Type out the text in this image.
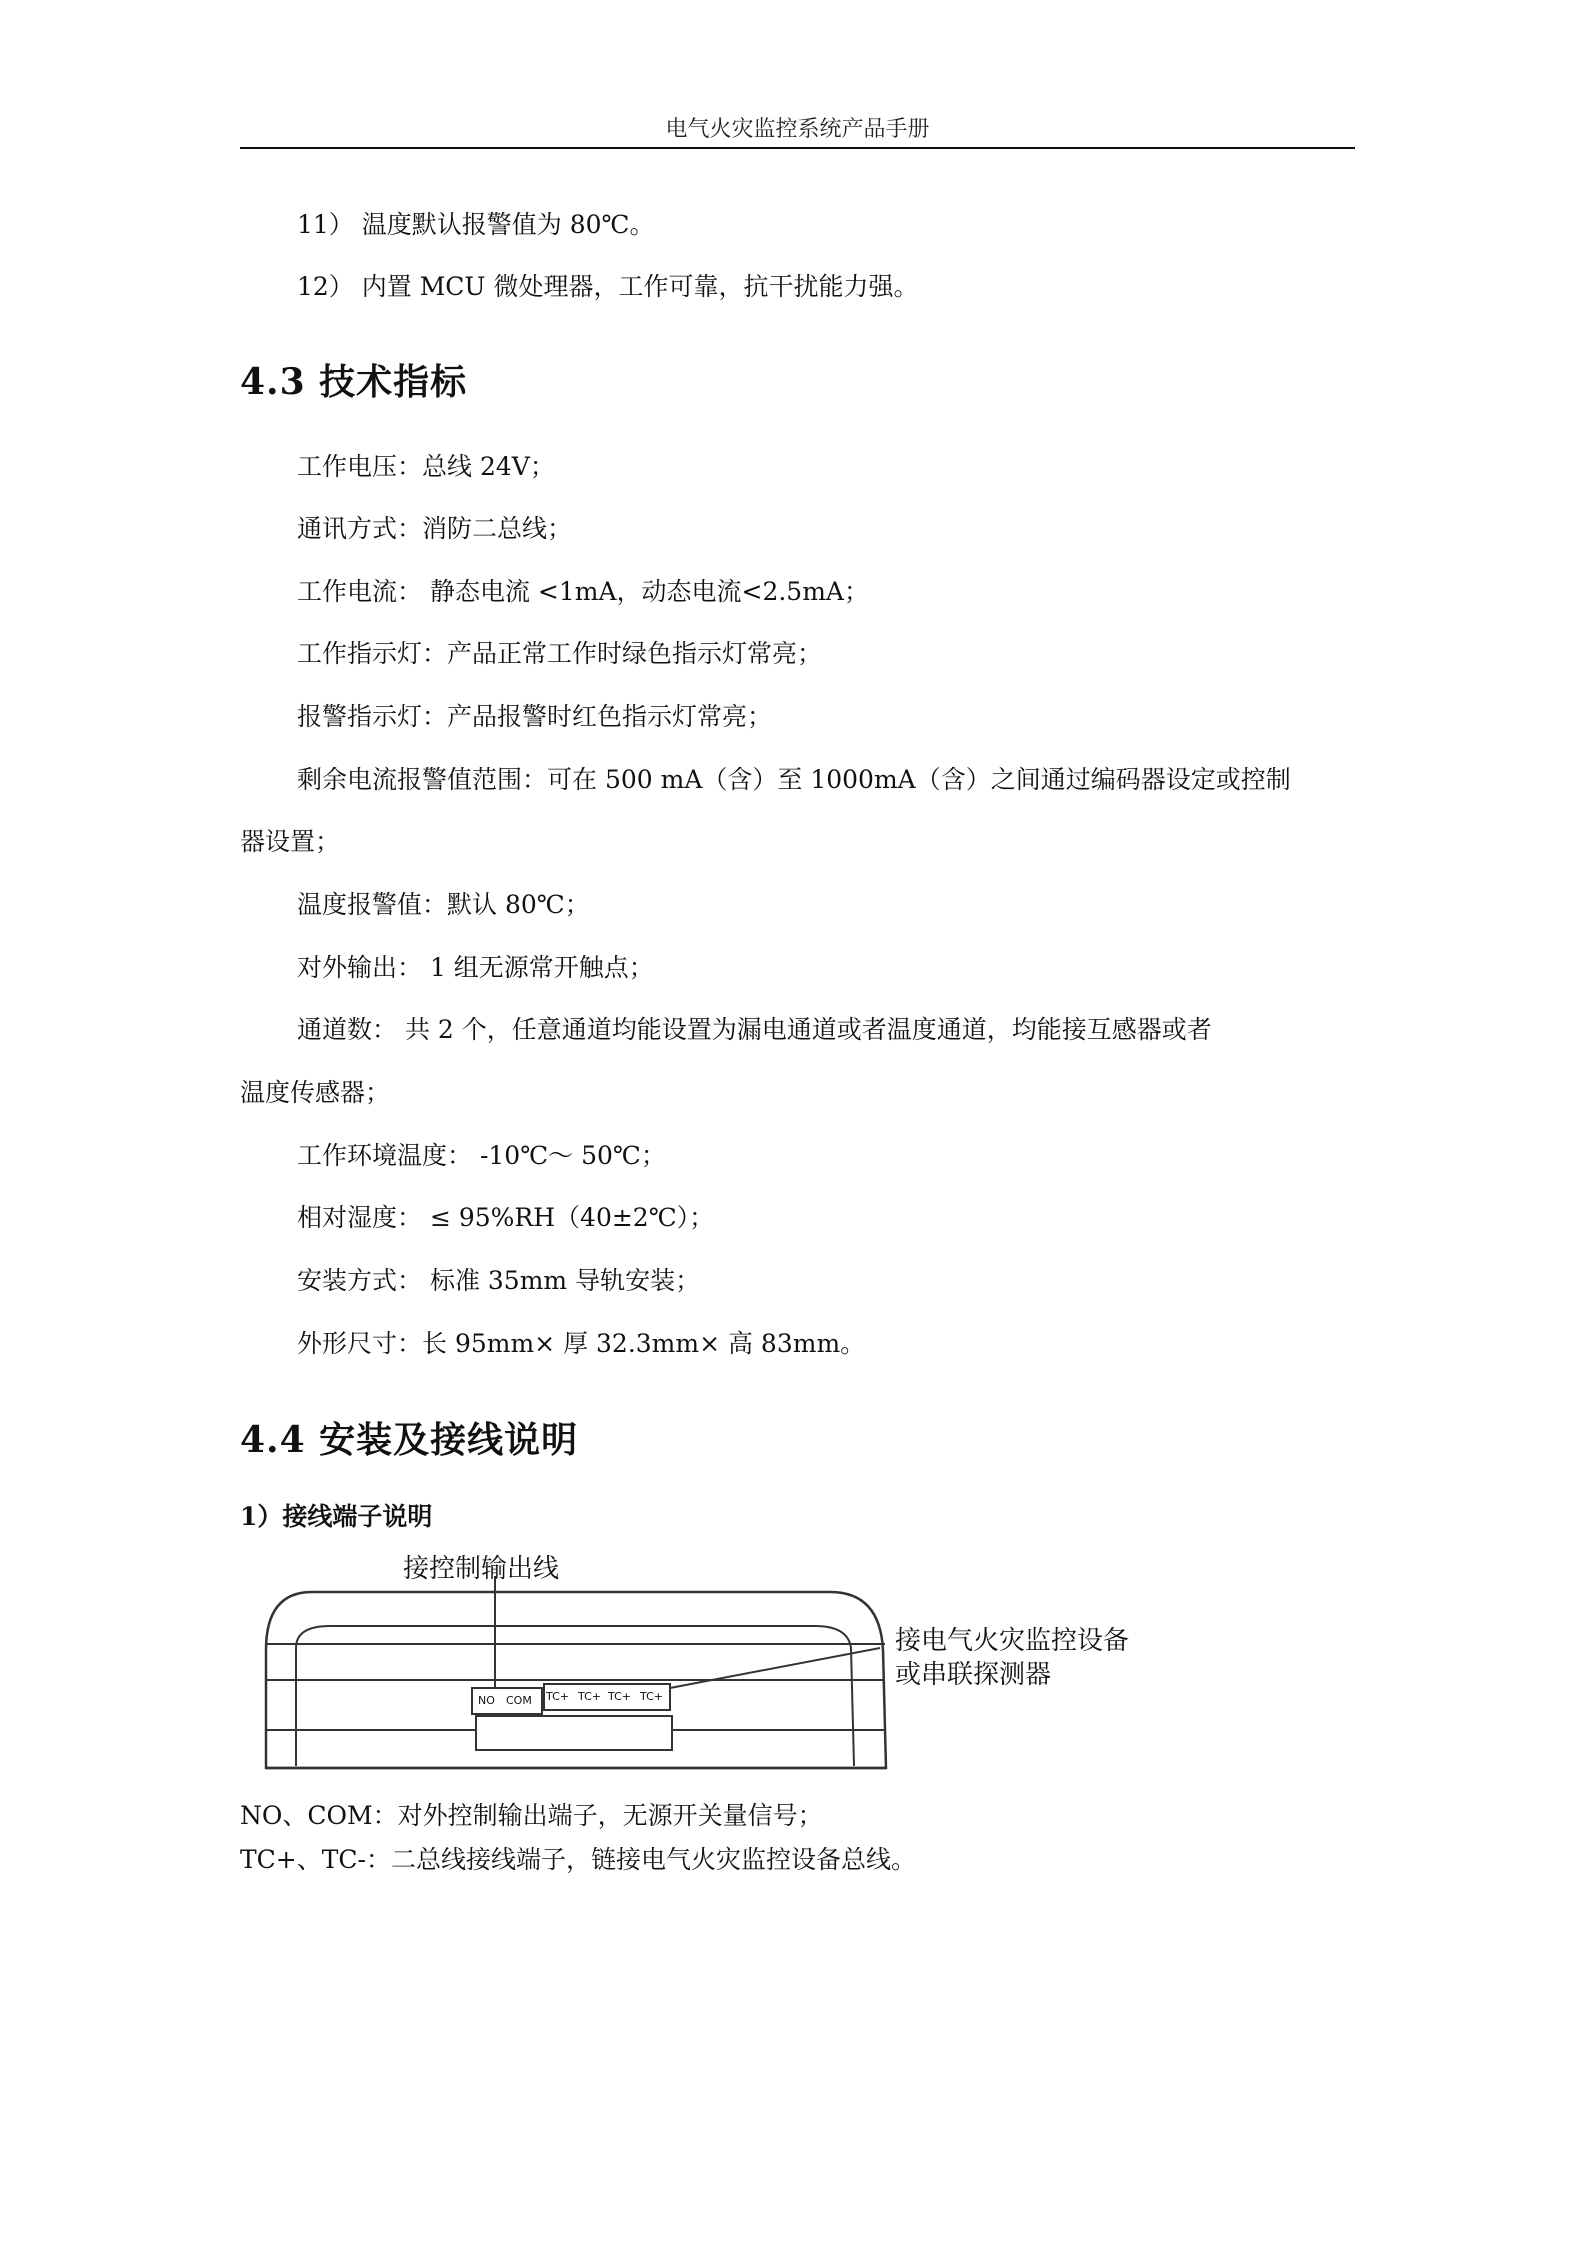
电气火灾监控系统产品手册
11） 温度默认报警值为 80℃。
12） 内置 MCU 微处理器，工作可靠，抗干扰能力强。
4.3 技术指标
工作电压：总线 24V；
通讯方式：消防二总线；
工作电流： 静态电流 <1mA，动态电流<2.5mA；
工作指示灯：产品正常工作时绿色指示灯常亮；
报警指示灯：产品报警时红色指示灯常亮；
剩余电流报警值范围：可在 500 mA（含）至 1000mA（含）之间通过编码器设定或控制
器设置；
温度报警值：默认 80℃；
对外输出： 1 组无源常开触点；
通道数： 共 2 个，任意通道均能设置为漏电通道或者温度通道，均能接互感器或者
温度传感器；
工作环境温度： -10℃～ 50℃；
相对湿度： ≤ 95%RH（40±2℃）；
安装方式： 标准 35mm 导轨安装；
外形尺寸：长 95mm× 厚 32.3mm× 高 83mm。
4.4 安装及接线说明
1）接线端子说明
接控制输出线
接电气火灾监控设备
或串联探测器
NO COM TC+ TC+ TC+ TC+
NO、COM：对外控制输出端子，无源开关量信号；
TC+、TC-：二总线接线端子，链接电气火灾监控设备总线。
